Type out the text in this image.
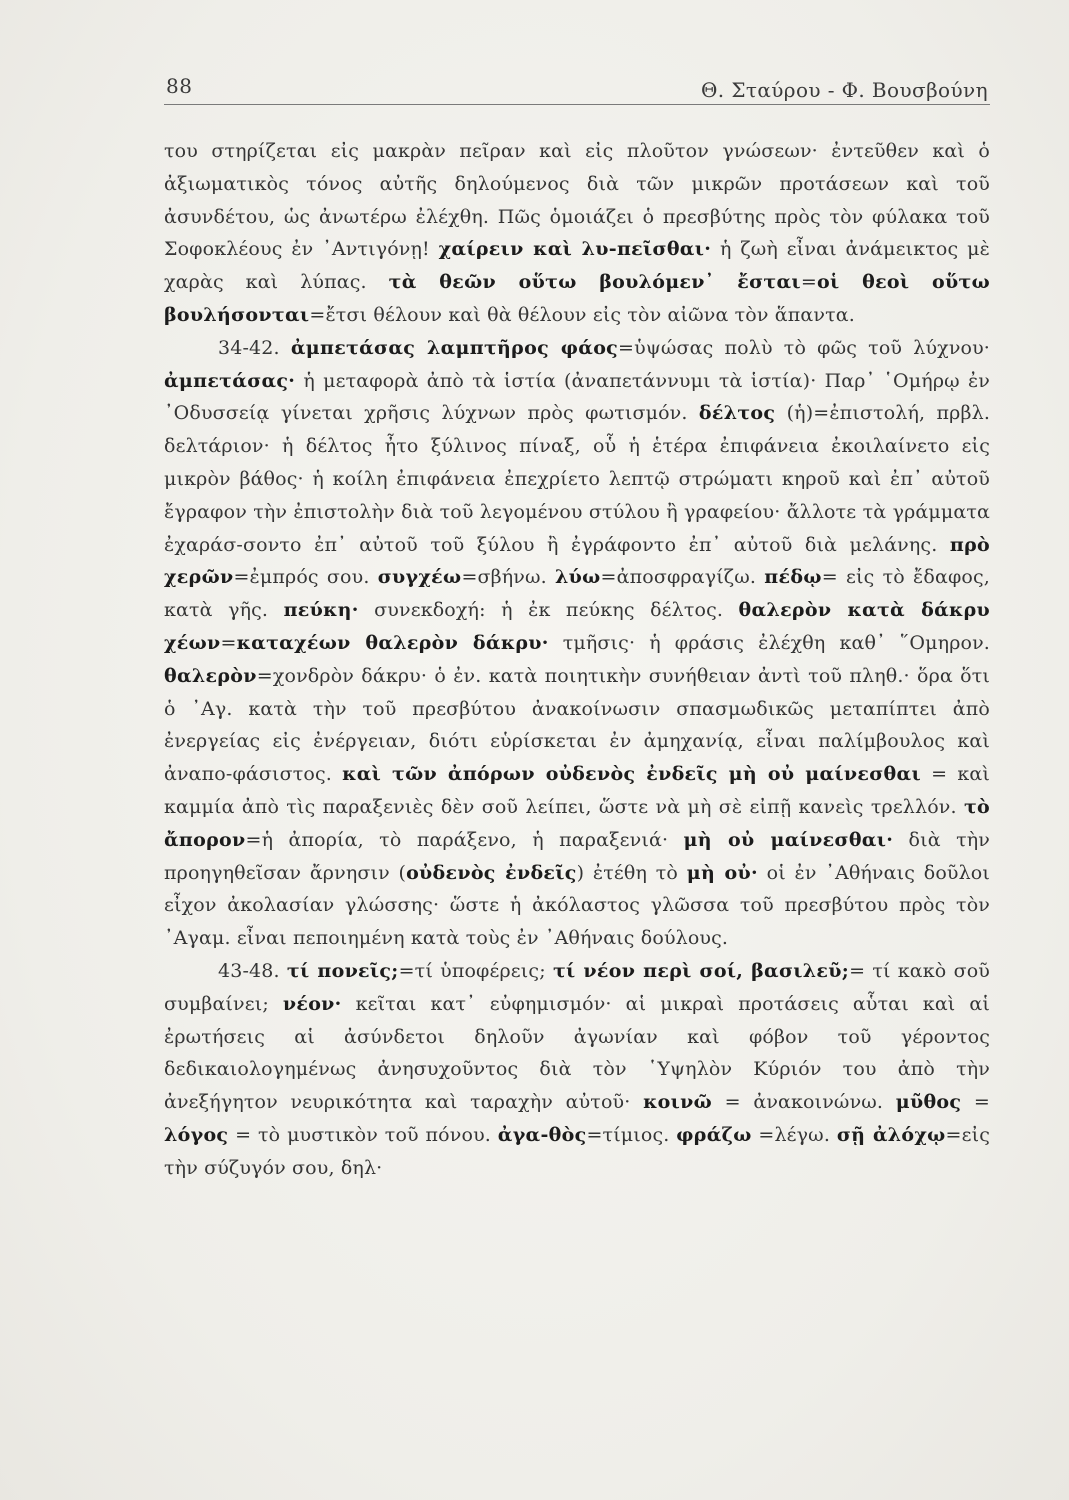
88	Θ. Σταύρου - Φ. Βουσβούνη

του στηρίζεται εἰς μακρὰν πεῖραν καὶ εἰς πλοῦτον γνώσεων· ἐντεῦθεν καὶ ὁ ἀξιωματικὸς τόνος αὐτῆς δηλούμενος διὰ τῶν μικρῶν προτάσεων καὶ τοῦ ἀσυνδέτου, ὡς ἀνωτέρω ἐλέχθη. Πῶς ὁμοιάζει ὁ πρεσβύτης πρὸς τὸν φύλακα τοῦ Σοφοκλέους ἐν ᾿Αντιγόνῃ! χαίρειν καὶ λυ-πεῖσθαι· ἡ ζωὴ εἶναι ἀνάμεικτος μὲ χαρὰς καὶ λύπας. τὰ θεῶν οὕτω βουλόμεν᾿ ἔσται=οἱ θεοὶ οὕτω βουλήσονται=ἔτσι θέλουν καὶ θὰ θέλουν εἰς τὸν αἰῶνα τὸν ἅπαντα.

34-42. ἀμπετάσας λαμπτῆρος φάος=ὑψώσας πολὺ τὸ φῶς τοῦ λύχνου· ἀμπετάσας· ἡ μεταφορὰ ἀπὸ τὰ ἱστία (ἀναπετάννυμι τὰ ἱστία)· Παρ᾿ ῾Ομήρῳ ἐν ᾿Οδυσσείᾳ γίνεται χρῆσις λύχνων πρὸς φωτισμόν. δέλτος (ἡ)=ἐπιστολή, πρβλ. δελτάριον· ἡ δέλτος ἦτο ξύλινος πίναξ, οὗ ἡ ἑτέρα ἐπιφάνεια ἐκοιλαίνετο εἰς μικρὸν βάθος· ἡ κοίλη ἐπιφάνεια ἐπεχρίετο λεπτῷ στρώματι κηροῦ καὶ ἐπ᾿ αὐτοῦ ἔγραφον τὴν ἐπιστολὴν διὰ τοῦ λεγομένου στύλου ἢ γραφείου· ἄλλοτε τὰ γράμματα ἐχαράσ-σοντο ἐπ᾿ αὐτοῦ τοῦ ξύλου ἢ ἐγράφοντο ἐπ᾿ αὐτοῦ διὰ μελάνης. πρὸ χερῶν=ἐμπρός σου. συγχέω=σβήνω. λύω=ἀποσφραγίζω. πέδῳ= εἰς τὸ ἔδαφος, κατὰ γῆς. πεύκη· συνεκδοχή: ἡ ἐκ πεύκης δέλτος. θαλερὸν κατὰ δάκρυ χέων=καταχέων θαλερὸν δάκρυ· τμῆσις· ἡ φράσις ἐλέχθη καθ᾿ ῞Ομηρον. θαλερὸν=χονδρὸν δάκρυ· ὁ ἐν. κατὰ ποιητικὴν συνήθειαν ἀντὶ τοῦ πληθ.· ὅρα ὅτι ὁ ᾿Αγ. κατὰ τὴν τοῦ πρεσβύτου ἀνακοίνωσιν σπασμωδικῶς μεταπίπτει ἀπὸ ἐνεργείας εἰς ἐνέργειαν, διότι εὑρίσκεται ἐν ἀμηχανίᾳ, εἶναι παλίμβουλος καὶ ἀναπο-φάσιστος. καὶ τῶν ἀπόρων οὐδενὸς ἐνδεῖς μὴ οὐ μαίνεσθαι = καὶ καμμία ἀπὸ τὶς παραξενιὲς δὲν σοῦ λείπει, ὥστε νὰ μὴ σὲ εἰπῇ κανεὶς τρελλόν. τὸ ἄπορον=ἡ ἀπορία, τὸ παράξενο, ἡ παραξενιά· μὴ οὐ μαίνεσθαι· διὰ τὴν προηγηθεῖσαν ἄρνησιν (οὐδενὸς ἐνδεῖς) ἐτέθη τὸ μὴ οὐ· οἱ ἐν ᾿Αθήναις δοῦλοι εἶχον ἀκολασίαν γλώσσης· ὥστε ἡ ἀκόλαστος γλῶσσα τοῦ πρεσβύτου πρὸς τὸν ᾿Αγαμ. εἶναι πεποιημένη κατὰ τοὺς ἐν ᾿Αθήναις δούλους.

43-48. τί πονεῖς;=τί ὑποφέρεις; τί νέον περὶ σοί, βασιλεῦ;= τί κακὸ σοῦ συμβαίνει; νέον· κεῖται κατ᾿ εὐφημισμόν· αἱ μικραὶ προτάσεις αὗται καὶ αἱ ἐρωτήσεις αἱ ἀσύνδετοι δηλοῦν ἀγωνίαν καὶ φόβον τοῦ γέροντος δεδικαιολογημένως ἀνησυχοῦντος διὰ τὸν ῾Υψηλὸν Κύριόν του ἀπὸ τὴν ἀνεξήγητον νευρικότητα καὶ ταραχὴν αὐτοῦ· κοινῶ = ἀνακοινώνω. μῦθος = λόγος = τὸ μυστικὸν τοῦ πόνου. ἀγα-θὸς=τίμιος. φράζω =λέγω. σῇ ἀλόχῳ=εἰς τὴν σύζυγόν σου, δηλ·
